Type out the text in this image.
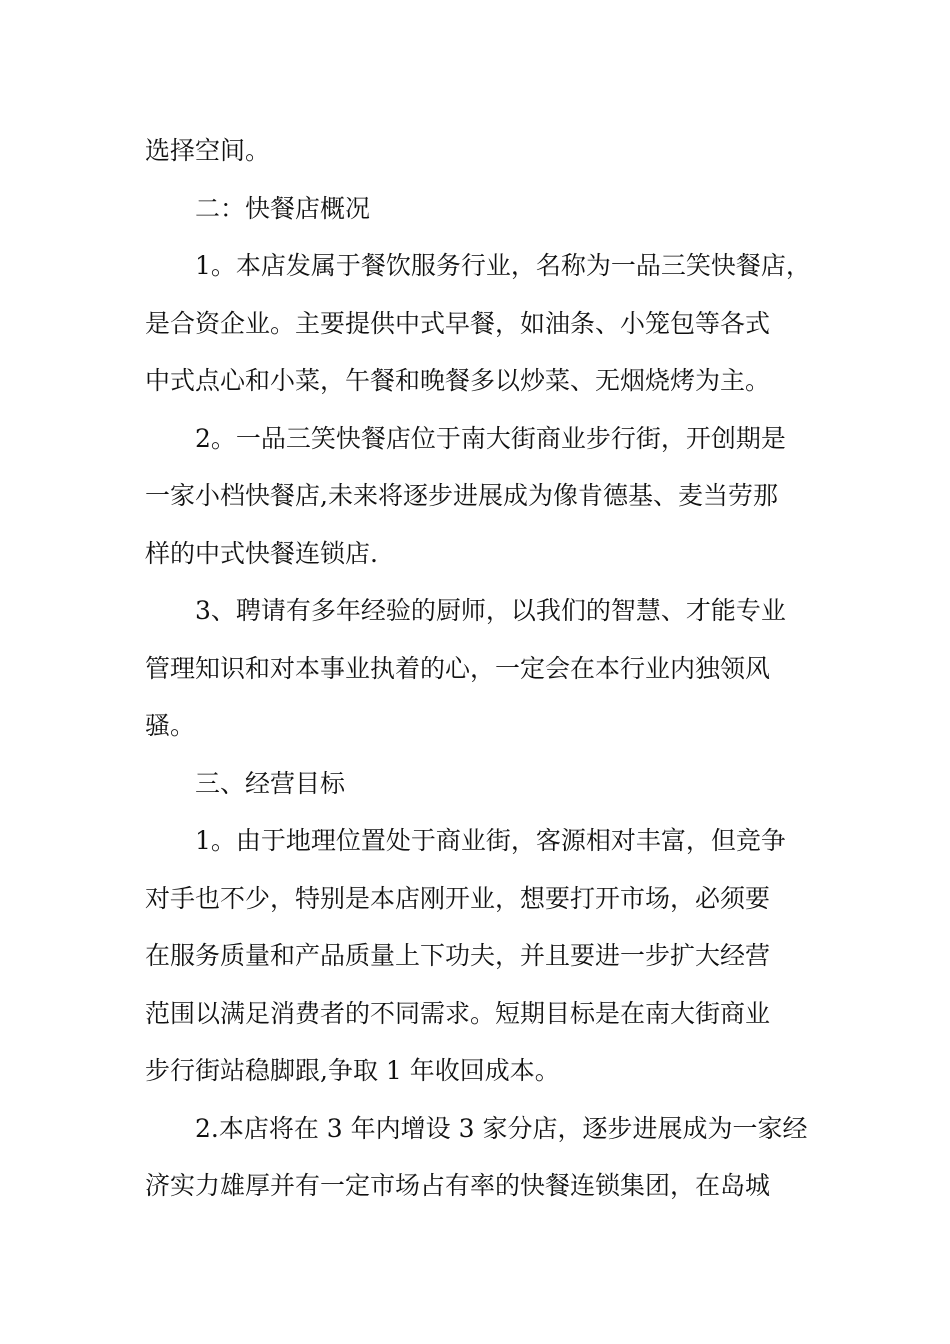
选择空间。
二：快餐店概况
1。本店发属于餐饮服务行业，名称为一品三笑快餐店，
是合资企业。主要提供中式早餐，如油条、小笼包等各式
中式点心和小菜，午餐和晚餐多以炒菜、无烟烧烤为主。
2。一品三笑快餐店位于南大街商业步行街，开创期是
一家小档快餐店,未来将逐步进展成为像肯德基、麦当劳那
样的中式快餐连锁店.
3、聘请有多年经验的厨师，以我们的智慧、才能专业
管理知识和对本事业执着的心，一定会在本行业内独领风
骚。
三、经营目标
1。由于地理位置处于商业街，客源相对丰富，但竞争
对手也不少，特别是本店刚开业，想要打开市场，必须要
在服务质量和产品质量上下功夫，并且要进一步扩大经营
范围以满足消费者的不同需求。短期目标是在南大街商业
步行街站稳脚跟,争取 1 年收回成本。
2.本店将在 3 年内增设 3 家分店，逐步进展成为一家经
济实力雄厚并有一定市场占有率的快餐连锁集团，在岛城
